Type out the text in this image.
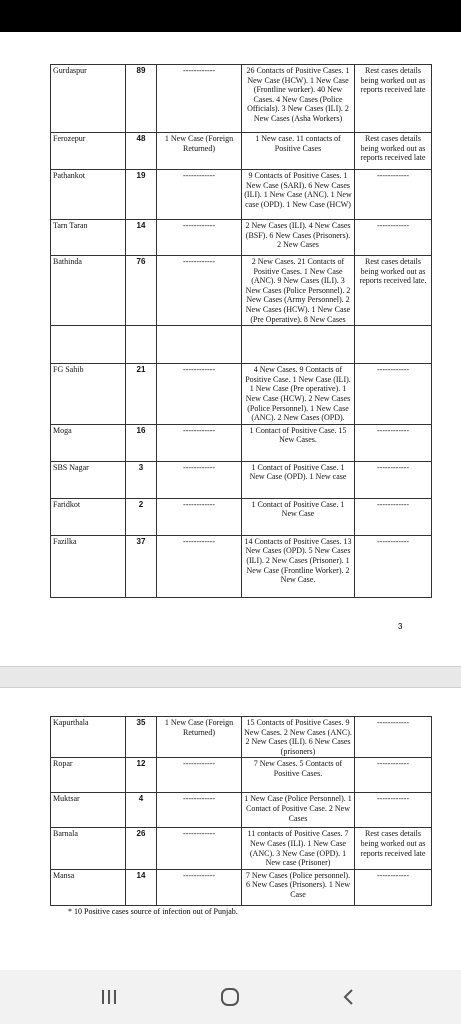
Gurdaspur	89	------------	26 Contacts of Positive Cases. 1 New Case (HCW). 1 New Case (Frontline worker). 40 New Cases. 4 New Cases (Police Officials). 3 New Cases (ILI). 2 New Cases (Asha Workers)	Rest cases details being worked out as reports received late
Ferozepur	48	1 New Case (Foreign Returned)	1 New case. 11 contacts of Positive Cases	Rest cases details being worked out as reports received late
Pathankot	19	------------	9 Contacts of Positive Cases. 1 New Case (SARI). 6 New Cases (ILI). 1 New Case (ANC). 1 New case (OPD). 1 New Case (HCW)	------------
Tarn Taran	14	------------	2 New Cases (ILI). 4 New Cases (BSF). 6 New Cases (Prisoners). 2 New Cases	------------
Bathinda	76	------------	2 New Cases. 21 Contacts of Positive Cases. 1 New Case (ANC). 9 New Cases (ILI). 3 New Cases (Police Personnel). 2 New Cases (Army Personnel). 2 New Cases (HCW). 1 New Case (Pre Operative). 8 New Cases	Rest cases details being worked out as reports received late.

FG Sahib	21	------------	4 New Cases. 9 Contacts of Positive Case. 1 New Case (ILI). 1 New Case (Pre operative). 1 New Case (HCW). 2 New Cases (Police Personnel). 1 New Case (ANC). 2 New Cases (OPD).	------------
Moga	16	------------	1 Contact of Positive Case. 15 New Cases.	------------
SBS Nagar	3	------------	1 Contact of Positive Case. 1 New Case (OPD). 1 New case	------------
Faridkot	2	------------	1 Contact of Positive Case. 1 New Case	------------
Fazilka	37	------------	14 Contacts of Positive Cases. 13 New Cases (OPD). 5 New Cases (ILI). 2 New Cases (Prisoner). 1 New Case (Frontline Worker). 2 New Case.	------------
3
Kapurthala	35	1 New Case (Foreign Returned)	15 Contacts of Positive Cases. 9 New Cases. 2 New Cases (ANC). 2 New Cases (ILI). 6 New Cases (prisoners)	------------
Ropar	12	------------	7 New Cases. 5 Contacts of Positive Cases.	------------
Muktsar	4	------------	1 New Case (Police Personnel). 1 Contact of Positive Case. 2 New Cases	------------
Barnala	26	------------	11 contacts of Positive Cases. 7 New Cases (ILI). 1 New Case (ANC). 3 New Case (OPD). 1 New case (Prisoner)	Rest cases details being worked out as reports received late
Mansa	14	------------	7 New Cases (Police personnel). 6 New Cases (Prisoners). 1 New Case	------------
* 10 Positive cases source of infection out of Punjab.
